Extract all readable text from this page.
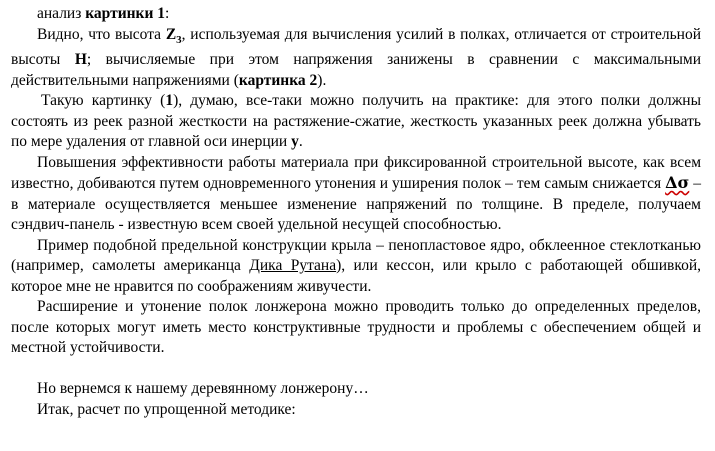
анализ картинки 1:

Видно, что высота $Z_3$, используемая для вычисления усилий в полках, отличается от строительной высоты H; вычисляемые при этом напряжения занижены в сравнении с максимальными действительными напряжениями (картинка 2).

Такую картинку (1), думаю, все-таки можно получить на практике: для этого полки должны состоять из реек разной жесткости на растяжение-сжатие, жесткость указанных реек должна убывать по мере удаления от главной оси инерции y.

Повышения эффективности работы материала при фиксированной строительной высоте, как всем известно, добиваются путем одновременного утонения и уширения полок – тем самым снижается Δσ – в материале осуществляется меньшее изменение напряжений по толщине. В пределе, получаем сэндвич-панель - известную всем своей удельной несущей способностью.

Пример подобной предельной конструкции крыла – пенопластовое ядро, обклеенное стеклотканью (например, самолеты американца Дика Рутана), или кессон, или крыло с работающей обшивкой, которое мне не нравится по соображениям живучести.

Расширение и утонение полок лонжерона можно проводить только до определенных пределов, после которых могут иметь место конструктивные трудности и проблемы с обеспечением общей и местной устойчивости.

Но вернемся к нашему деревянному лонжерону…

Итак, расчет по упрощенной методике:
